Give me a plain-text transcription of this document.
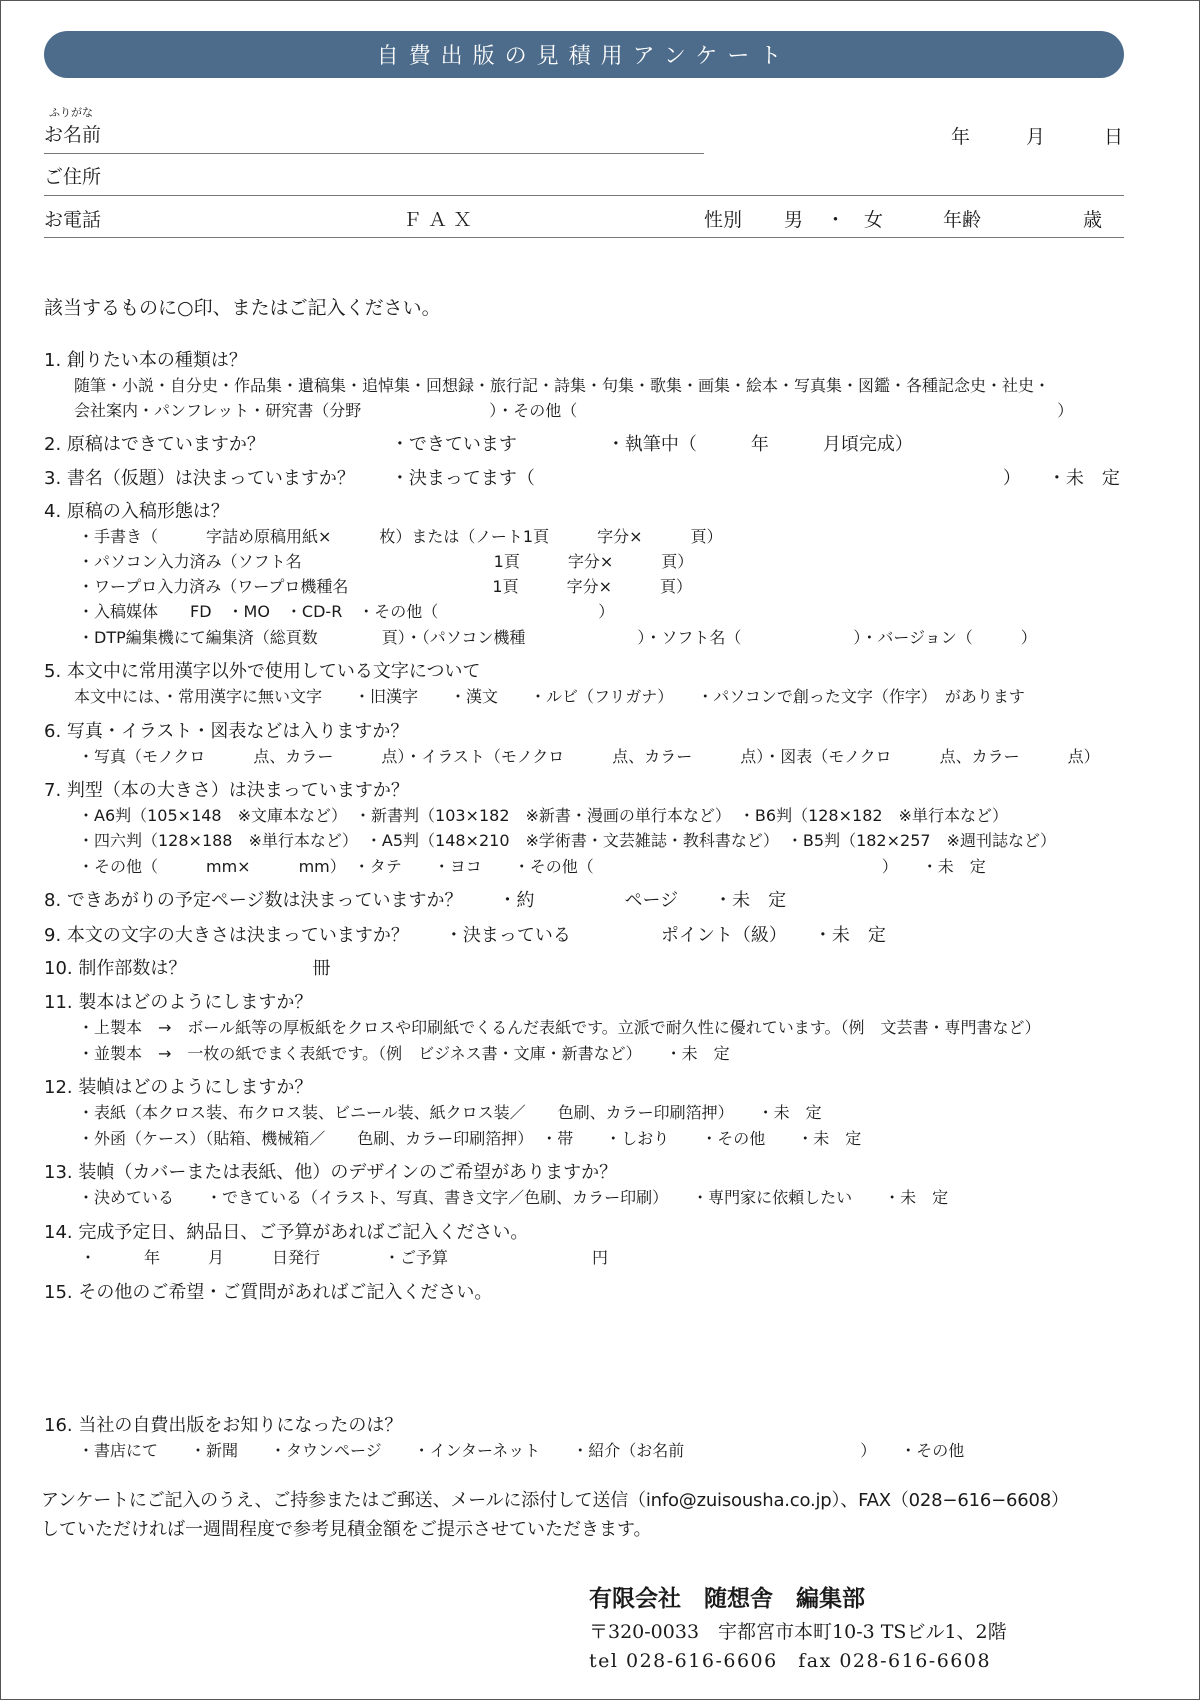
自費出版の見積用アンケート
ふりがな
お名前	年	月	日
ご住所
お電話	ＦＡＸ	性別 男 ・ 女	年齢	歳
該当するものに○印、またはご記入ください。
1. 創りたい本の種類は？
随筆・小説・自分史・作品集・遺稿集・追悼集・回想録・旅行記・詩集・句集・歌集・画集・絵本・写真集・図鑑・各種記念史・社史・
会社案内・パンフレット・研究書（分野　　　　　　　　）・その他（　　　　　　　　　　　　　　　　　　　　　　　　　　　　　　）
2. 原稿はできていますか？　　　　　　　・できています　　　　　・執筆中（　　　年　　　月頃完成）
3. 書名（仮題）は決まっていますか？　　・決まってます（　　　　　　　　　　　　　　　　　　　　　　　　　　）　　・未　定
4. 原稿の入稿形態は？
・手書き（　　　字詰め原稿用紙×　　　枚）または（ノート1頁　　　字分×　　　頁）
・パソコン入力済み（ソフト名　　　　　　　　　　　　1頁　　　字分×　　　頁）
・ワープロ入力済み（ワープロ機種名　　　　　　　　　1頁　　　字分×　　　頁）
・入稿媒体　　FD　・MO　・CD-R　・その他（　　　　　　　　　　）
・DTP編集機にて編集済（総頁数　　　　頁）・（パソコン機種　　　　　　　）・ソフト名（　　　　　　　）・バージョン（　　　）
5. 本文中に常用漢字以外で使用している文字について
本文中には、・常用漢字に無い文字　　・旧漢字　　・漢文　　・ルビ（フリガナ）　　・パソコンで創った文字（作字）　があります
6. 写真・イラスト・図表などは入りますか？
・写真（モノクロ　　　点、カラー　　　点）・イラスト（モノクロ　　　点、カラー　　　点）・図表（モノクロ　　　点、カラー　　　点）
7. 判型（本の大きさ）は決まっていますか？
・A6判（105×148　※文庫本など）　・新書判（103×182　※新書・漫画の単行本など）　・B6判（128×182　※単行本など）
・四六判（128×188　※単行本など）　・A5判（148×210　※学術書・文芸雑誌・教科書など）　・B5判（182×257　※週刊誌など）
・その他（　　　mm×　　　mm）　・タテ　　・ヨコ　　・その他（　　　　　　　　　　　　　　　　　　）　　・未　定
8. できあがりの予定ページ数は決まっていますか？　　・約　　　　　ページ　　・未　定
9. 本文の文字の大きさは決まっていますか？　　・決まっている　　　　　ポイント（級）　　・未　定
10. 制作部数は？　　　　　　　冊
11. 製本はどのようにしますか？
・上製本　→　ボール紙等の厚板紙をクロスや印刷紙でくるんだ表紙です。立派で耐久性に優れています。（例　文芸書・専門書など）
・並製本　→　一枚の紙でまく表紙です。（例　ビジネス書・文庫・新書など）　　・未　定
12. 装幀はどのようにしますか？
・表紙（本クロス装、布クロス装、ビニール装、紙クロス装／　　色刷、カラー印刷箔押）　　・未　定
・外函（ケース）（貼箱、機械箱／　　色刷、カラー印刷箔押）　・帯　　・しおり　　・その他　　・未　定
13. 装幀（カバーまたは表紙、他）のデザインのご希望がありますか？
・決めている　　・できている（イラスト、写真、書き文字／色刷、カラー印刷）　　・専門家に依頼したい　　・未　定
14. 完成予定日、納品日、ご予算があればご記入ください。
・　　　年　　　月　　　日発行　　　　・ご予算　　　　　　　　　円
15. その他のご希望・ご質問があればご記入ください。
16. 当社の自費出版をお知りになったのは？
・書店にて　　・新聞　　・タウンページ　　・インターネット　　・紹介（お名前　　　　　　　　　　　）　　・その他
アンケートにご記入のうえ、ご持参またはご郵送、メールに添付して送信（info@zuisousha.co.jp）、FAX（028−616−6608）
していただければ一週間程度で参考見積金額をご提示させていただきます。
有限会社　随想舎　編集部
〒320-0033　宇都宮市本町10-3 TSビル1、2階
tel 028-616-6606　fax 028-616-6608
